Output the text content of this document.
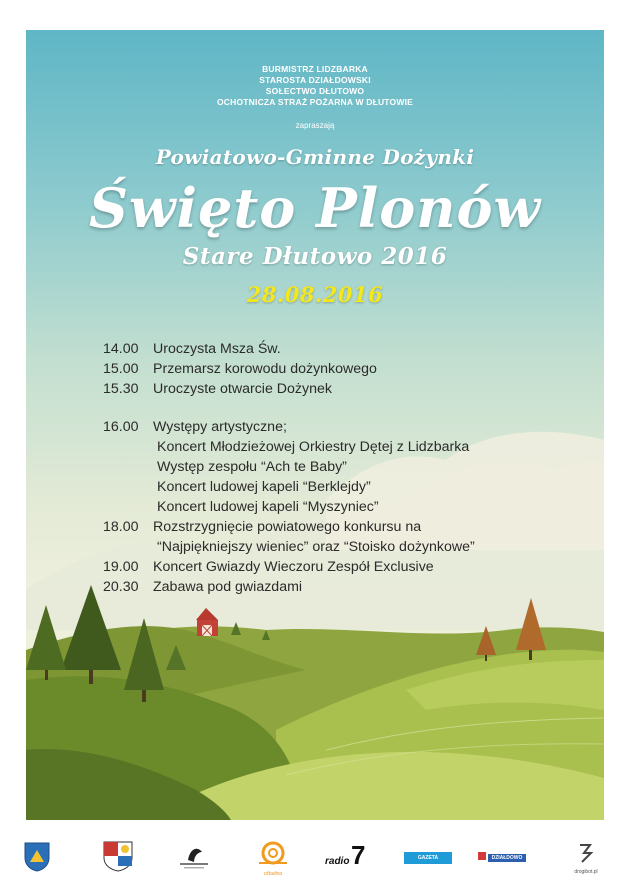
BURMISTRZ LIDZBARKA
STAROSTA DZIAŁDOWSKI
SOŁECTWO DŁUTOWO
OCHOTNICZA STRAŻ POŻARNA W DŁUTOWIE
zapraszają
Powiatowo-Gminne Dożynki
Święto Plonów
Stare Dłutowo 2016
28.08.2016
14.00 Uroczysta Msza Św.
15.00 Przemarsz korowodu dożynkowego
15.30 Uroczyste otwarcie Dożynek
16.00 Występy artystyczne;
Koncert Młodzieżowej Orkiestry Dętej z Lidzbarka
Występ zespołu “Ach te Baby”
Koncert ludowej kapeli “Berklejdy”
Koncert ludowej kapeli “Myszyniec”
18.00 Rozstrzygnięcie powiatowego konkursu na
“Najpiękniejszy wieniec” oraz “Stoisko dożynkowe”
19.00 Koncert Gwiazdy Wieczoru Zespół Exclusive
20.30 Zabawa pod gwiazdami
cittadino
radio 7	GAZETA DZIAŁDOWSKA
DZIAŁDOWO
drogibot.pl
